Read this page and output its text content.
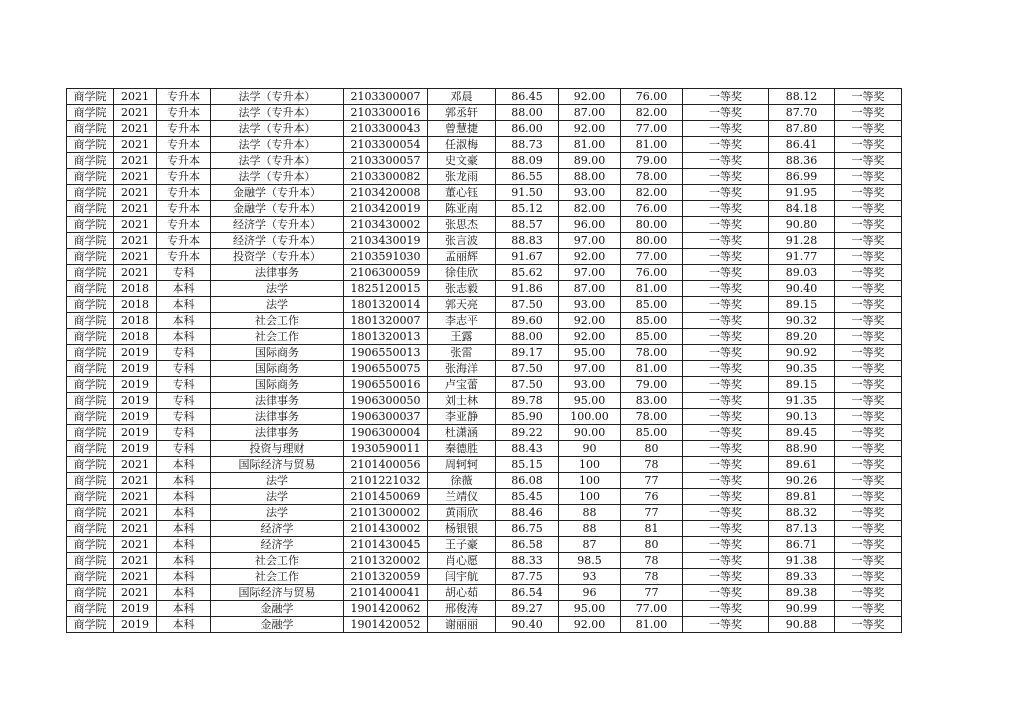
商学院	2021	专升本	法学（专升本）	2103300007	邓晨	86.45	92.00	76.00	一等奖	88.12	一等奖
商学院	2021	专升本	法学（专升本）	2103300016	郭丞轩	88.00	87.00	82.00	一等奖	87.70	一等奖
商学院	2021	专升本	法学（专升本）	2103300043	曾慧捷	86.00	92.00	77.00	一等奖	87.80	一等奖
商学院	2021	专升本	法学（专升本）	2103300054	任淑梅	88.73	81.00	81.00	一等奖	86.41	一等奖
商学院	2021	专升本	法学（专升本）	2103300057	史文豪	88.09	89.00	79.00	一等奖	88.36	一等奖
商学院	2021	专升本	法学（专升本）	2103300082	张龙雨	86.55	88.00	78.00	一等奖	86.99	一等奖
商学院	2021	专升本	金融学（专升本）	2103420008	董心钰	91.50	93.00	82.00	一等奖	91.95	一等奖
商学院	2021	专升本	金融学（专升本）	2103420019	陈亚南	85.12	82.00	76.00	一等奖	84.18	一等奖
商学院	2021	专升本	经济学（专升本）	2103430002	张思杰	88.57	96.00	80.00	一等奖	90.80	一等奖
商学院	2021	专升本	经济学（专升本）	2103430019	张言波	88.83	97.00	80.00	一等奖	91.28	一等奖
商学院	2021	专升本	投资学（专升本）	2103591030	孟丽辉	91.67	92.00	77.00	一等奖	91.77	一等奖
商学院	2021	专科	法律事务	2106300059	徐佳欣	85.62	97.00	76.00	一等奖	89.03	一等奖
商学院	2018	本科	法学	1825120015	张志毅	91.86	87.00	81.00	一等奖	90.40	一等奖
商学院	2018	本科	法学	1801320014	郭天亮	87.50	93.00	85.00	一等奖	89.15	一等奖
商学院	2018	本科	社会工作	1801320007	李志平	89.60	92.00	85.00	一等奖	90.32	一等奖
商学院	2018	本科	社会工作	1801320013	王露	88.00	92.00	85.00	一等奖	89.20	一等奖
商学院	2019	专科	国际商务	1906550013	张雷	89.17	95.00	78.00	一等奖	90.92	一等奖
商学院	2019	专科	国际商务	1906550075	张海洋	87.50	97.00	81.00	一等奖	90.35	一等奖
商学院	2019	专科	国际商务	1906550016	卢宝蕾	87.50	93.00	79.00	一等奖	89.15	一等奖
商学院	2019	专科	法律事务	1906300050	刘士林	89.78	95.00	83.00	一等奖	91.35	一等奖
商学院	2019	专科	法律事务	1906300037	李亚静	85.90	100.00	78.00	一等奖	90.13	一等奖
商学院	2019	专科	法律事务	1906300004	杜潇涵	89.22	90.00	85.00	一等奖	89.45	一等奖
商学院	2019	专科	投资与理财	1930590011	秦德胜	88.43	90	80	一等奖	88.90	一等奖
商学院	2021	本科	国际经济与贸易	2101400056	周轲轲	85.15	100	78	一等奖	89.61	一等奖
商学院	2021	本科	法学	2101221032	徐薇	86.08	100	77	一等奖	90.26	一等奖
商学院	2021	本科	法学	2101450069	兰靖仪	85.45	100	76	一等奖	89.81	一等奖
商学院	2021	本科	法学	2101300002	黄雨欣	88.46	88	77	一等奖	88.32	一等奖
商学院	2021	本科	经济学	2101430002	杨银银	86.75	88	81	一等奖	87.13	一等奖
商学院	2021	本科	经济学	2101430045	王子豪	86.58	87	80	一等奖	86.71	一等奖
商学院	2021	本科	社会工作	2101320002	肖心愿	88.33	98.5	78	一等奖	91.38	一等奖
商学院	2021	本科	社会工作	2101320059	闫宇航	87.75	93	78	一等奖	89.33	一等奖
商学院	2021	本科	国际经济与贸易	2101400041	胡心茹	86.54	96	77	一等奖	89.38	一等奖
商学院	2019	本科	金融学	1901420062	邢俊涛	89.27	95.00	77.00	一等奖	90.99	一等奖
商学院	2019	本科	金融学	1901420052	谢丽丽	90.40	92.00	81.00	一等奖	90.88	一等奖
